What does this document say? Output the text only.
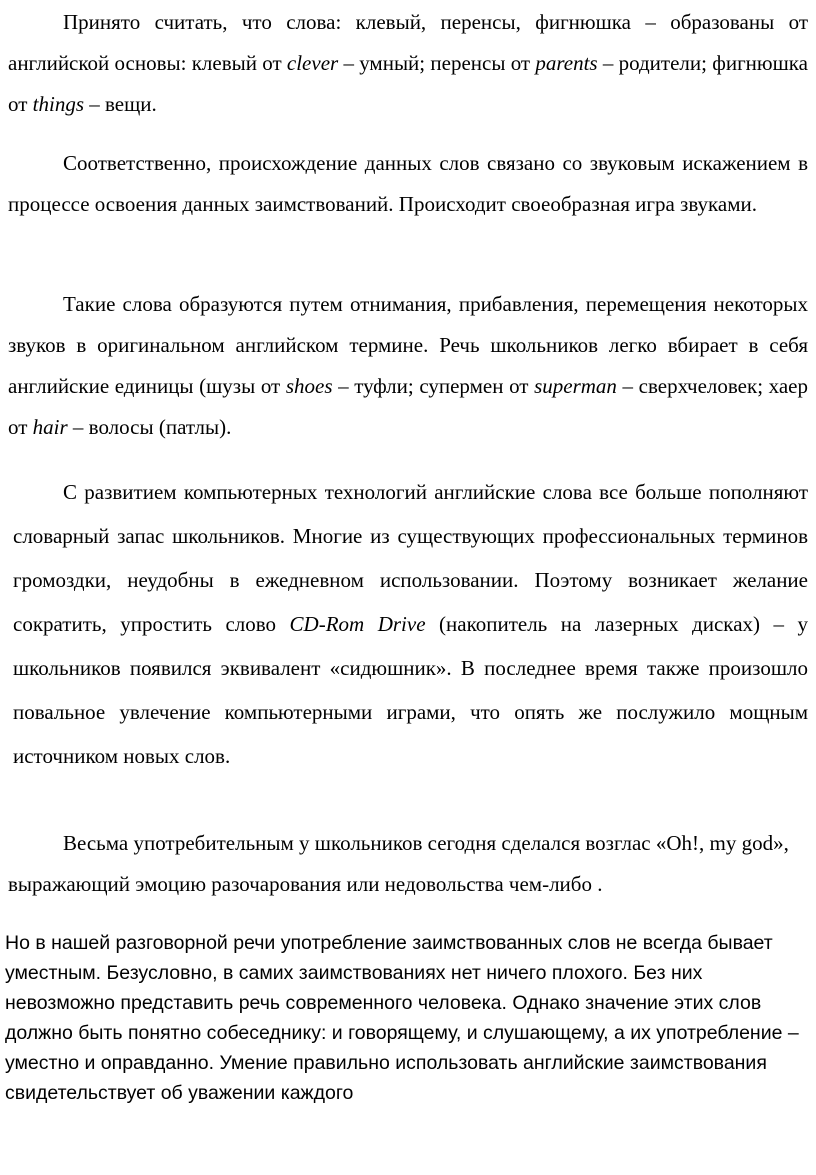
Принято считать, что слова: клевый, перенсы, фигнюшка – образованы от английской основы: клевый от clever – умный; перенсы от parents – родители; фигнюшка от things – вещи.

Соответственно, происхождение данных слов связано со звуковым искажением в процессе освоения данных заимствований. Происходит своеобразная игра звуками.

Такие слова образуются путем отнимания, прибавления, перемещения некоторых звуков в оригинальном английском термине. Речь школьников легко вбирает в себя английские единицы (шузы от shoes – туфли; супермен от superman – сверхчеловек; хаер от hair – волосы (патлы).

С развитием компьютерных технологий английские слова все больше пополняют словарный запас школьников. Многие из существующих профессиональных терминов громоздки, неудобны в ежедневном использовании. Поэтому возникает желание сократить, упростить слово CD-Rom Drive (накопитель на лазерных дисках) – у школьников появился эквивалент «сидюшник». В последнее время также произошло повальное увлечение компьютерными играми, что опять же послужило мощным источником новых слов.

Весьма употребительным у школьников сегодня сделался возглас «Oh!, my god», выражающий эмоцию разочарования или недовольства чем-либо .

Но в нашей разговорной речи употребление заимствованных слов не всегда бывает уместным. Безусловно, в самих заимствованиях нет ничего плохого. Без них невозможно представить речь современного человека. Однако значение этих слов должно быть понятно собеседнику: и говорящему, и слушающему, а их употребление – уместно и оправданно. Умение правильно использовать английские заимствования свидетельствует об уважении каждого
